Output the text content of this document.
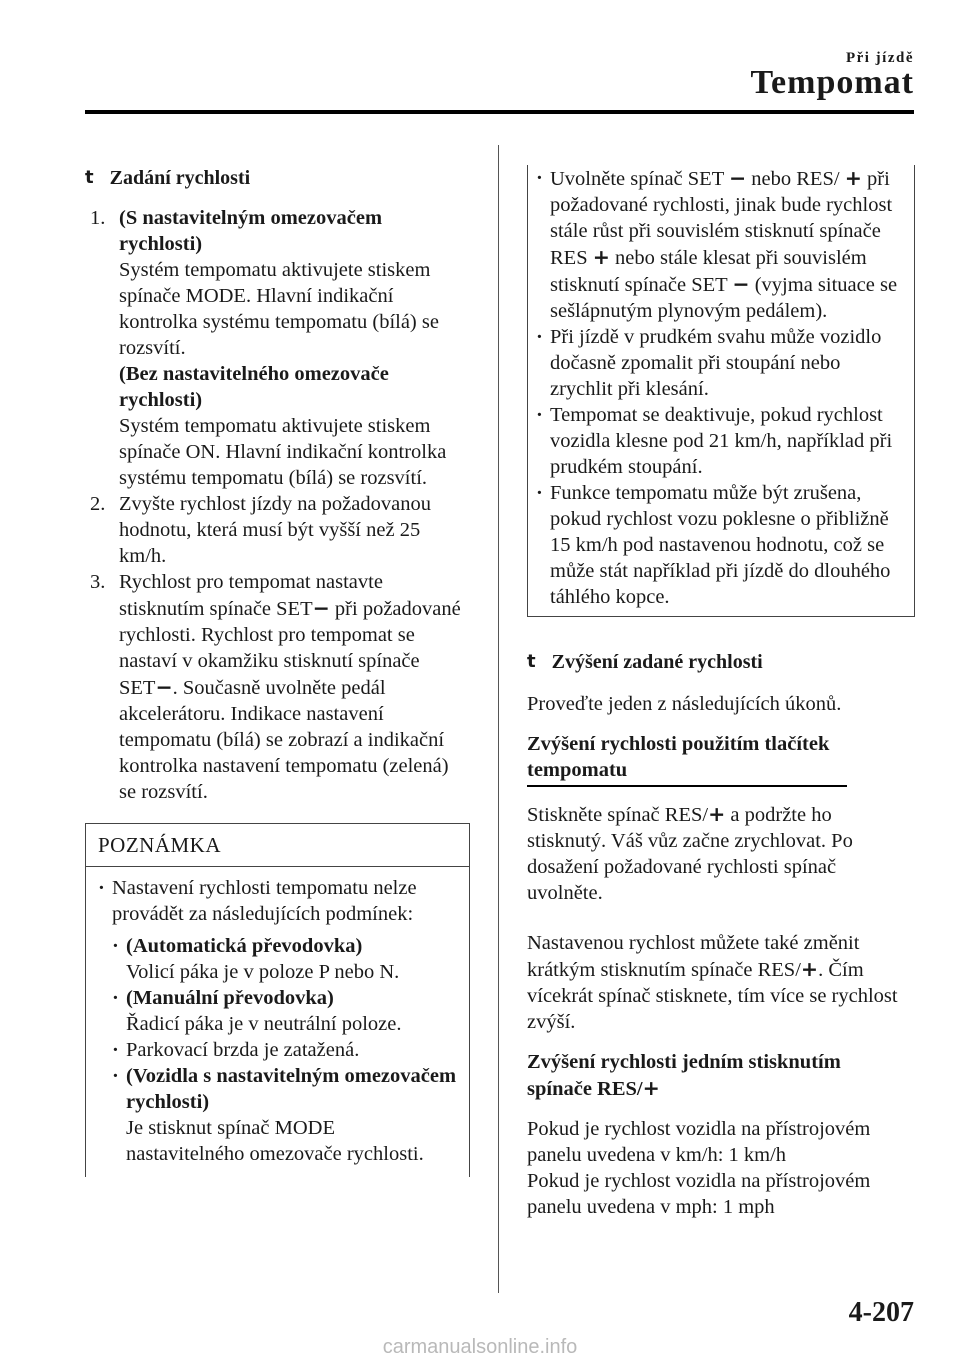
Při jízdě
Tempomat
t Zadání rychlosti
1. (S nastavitelným omezovačem rychlosti)

Systém tempomatu aktivujete stiskem spínače MODE. Hlavní indikační kontrolka systému tempomatu (bílá) se rozsvítí.

(Bez nastavitelného omezovače rychlosti)

Systém tempomatu aktivujete stiskem spínače ON. Hlavní indikační kontrolka systému tempomatu (bílá) se rozsvítí.

2. Zvyšte rychlost jízdy na požadovanou hodnotu, která musí být vyšší než 25 km/h.

3. Rychlost pro tempomat nastavte stisknutím spínače SET− při požadované rychlosti. Rychlost pro tempomat se nastaví v okamžiku stisknutí spínače SET−. Současně uvolněte pedál akcelerátoru. Indikace nastavení tempomatu (bílá) se zobrazí a indikační kontrolka nastavení tempomatu (zelená) se rozsvítí.

POZNÁMKA
· Nastavení rychlosti tempomatu nelze provádět za následujících podmínek:
· (Automatická převodovka)

Volicí páka je v poloze P nebo N.

· (Manuální převodovka)

Řadicí páka je v neutrální poloze.

· Parkovací brzda je zatažená.

· (Vozidla s nastavitelným omezovačem rychlosti)

Je stisknut spínač MODE nastavitelného omezovače rychlosti.

· Uvolněte spínač SET − nebo RES/ + při požadované rychlosti, jinak bude rychlost stále růst při souvislém stisknutí spínače RES + nebo stále klesat při souvislém stisknutí spínače SET − (vyjma situace se sešlápnutým plynovým pedálem).

· Při jízdě v prudkém svahu může vozidlo dočasně zpomalit při stoupání nebo zrychlit při klesání.

· Tempomat se deaktivuje, pokud rychlost vozidla klesne pod 21 km/h, například při prudkém stoupání.

· Funkce tempomatu může být zrušena, pokud rychlost vozu poklesne o přibližně 15 km/h pod nastavenou hodnotu, což se může stát například při jízdě do dlouhého táhlého kopce.

t Zvýšení zadané rychlosti

Proveďte jeden z následujících úkonů.

Zvýšení rychlosti použitím tlačítek tempomatu

Stiskněte spínač RES/+ a podržte ho stisknutý. Váš vůz začne zrychlovat. Po dosažení požadované rychlosti spínač uvolněte.

Nastavenou rychlost můžete také změnit krátkým stisknutím spínače RES/+. Čím vícekrát spínač stisknete, tím více se rychlost zvýší.

Zvýšení rychlosti jedním stisknutím spínače RES/+

Pokud je rychlost vozidla na přístrojovém panelu uvedena v km/h: 1 km/h

Pokud je rychlost vozidla na přístrojovém panelu uvedena v mph: 1 mph

4-207
carmanualsonline.info
